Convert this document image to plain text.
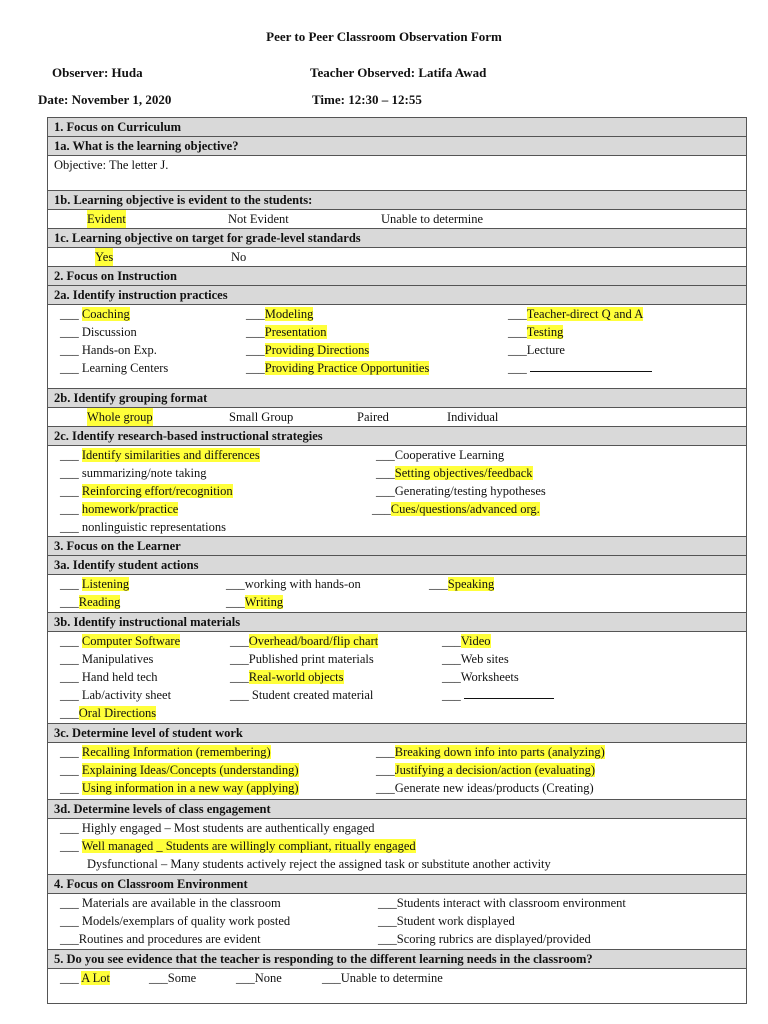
Peer to Peer Classroom Observation Form
Observer: Huda	Teacher Observed: Latifa Awad
Date: November 1, 2020	Time: 12:30 – 12:55
1. Focus on Curriculum
1a. What is the learning objective?
Objective: The letter J.
1b. Learning objective is evident to the students:
Evident	Not Evident	Unable to determine
1c. Learning objective on target for grade-level standards
Yes	No
2. Focus on Instruction
2a. Identify instruction practices
___ Coaching	___Modeling	___Teacher-direct Q and A
___ Discussion	___Presentation	___Testing
___ Hands-on Exp.	___Providing Directions	___Lecture
___ Learning Centers	___Providing Practice Opportunities	___
2b. Identify grouping format
Whole group	Small Group	Paired	Individual
2c. Identify research-based instructional strategies
___ Identify similarities and differences	___Cooperative Learning
___ summarizing/note taking	___Setting objectives/feedback
___ Reinforcing effort/recognition	___Generating/testing hypotheses
___ homework/practice	___Cues/questions/advanced org.
___ nonlinguistic representations
3. Focus on the Learner
3a. Identify student actions
___ Listening	___working with hands-on	___Speaking
___Reading	___Writing
3b. Identify instructional materials
___ Computer Software	___Overhead/board/flip chart	___Video
___ Manipulatives	___Published print materials	___Web sites
___ Hand held tech	___Real-world objects	___Worksheets
___ Lab/activity sheet	___ Student created material	___
___Oral Directions
3c. Determine level of student work
___ Recalling Information (remembering)	___Breaking down info into parts (analyzing)
___ Explaining Ideas/Concepts (understanding)	___Justifying a decision/action (evaluating)
___ Using information in a new way (applying)	___Generate new ideas/products (Creating)
3d. Determine levels of class engagement
___ Highly engaged – Most students are authentically engaged
___ Well managed _ Students are willingly compliant, ritually engaged
Dysfunctional – Many students actively reject the assigned task or substitute another activity
4. Focus on Classroom Environment
___ Materials are available in the classroom	___Students interact with classroom environment
___ Models/exemplars of quality work posted	___Student work displayed
___Routines and procedures are evident	___Scoring rubrics are displayed/provided
5. Do you see evidence that the teacher is responding to the different learning needs in the classroom?
___ A Lot	___Some	___None	___Unable to determine
